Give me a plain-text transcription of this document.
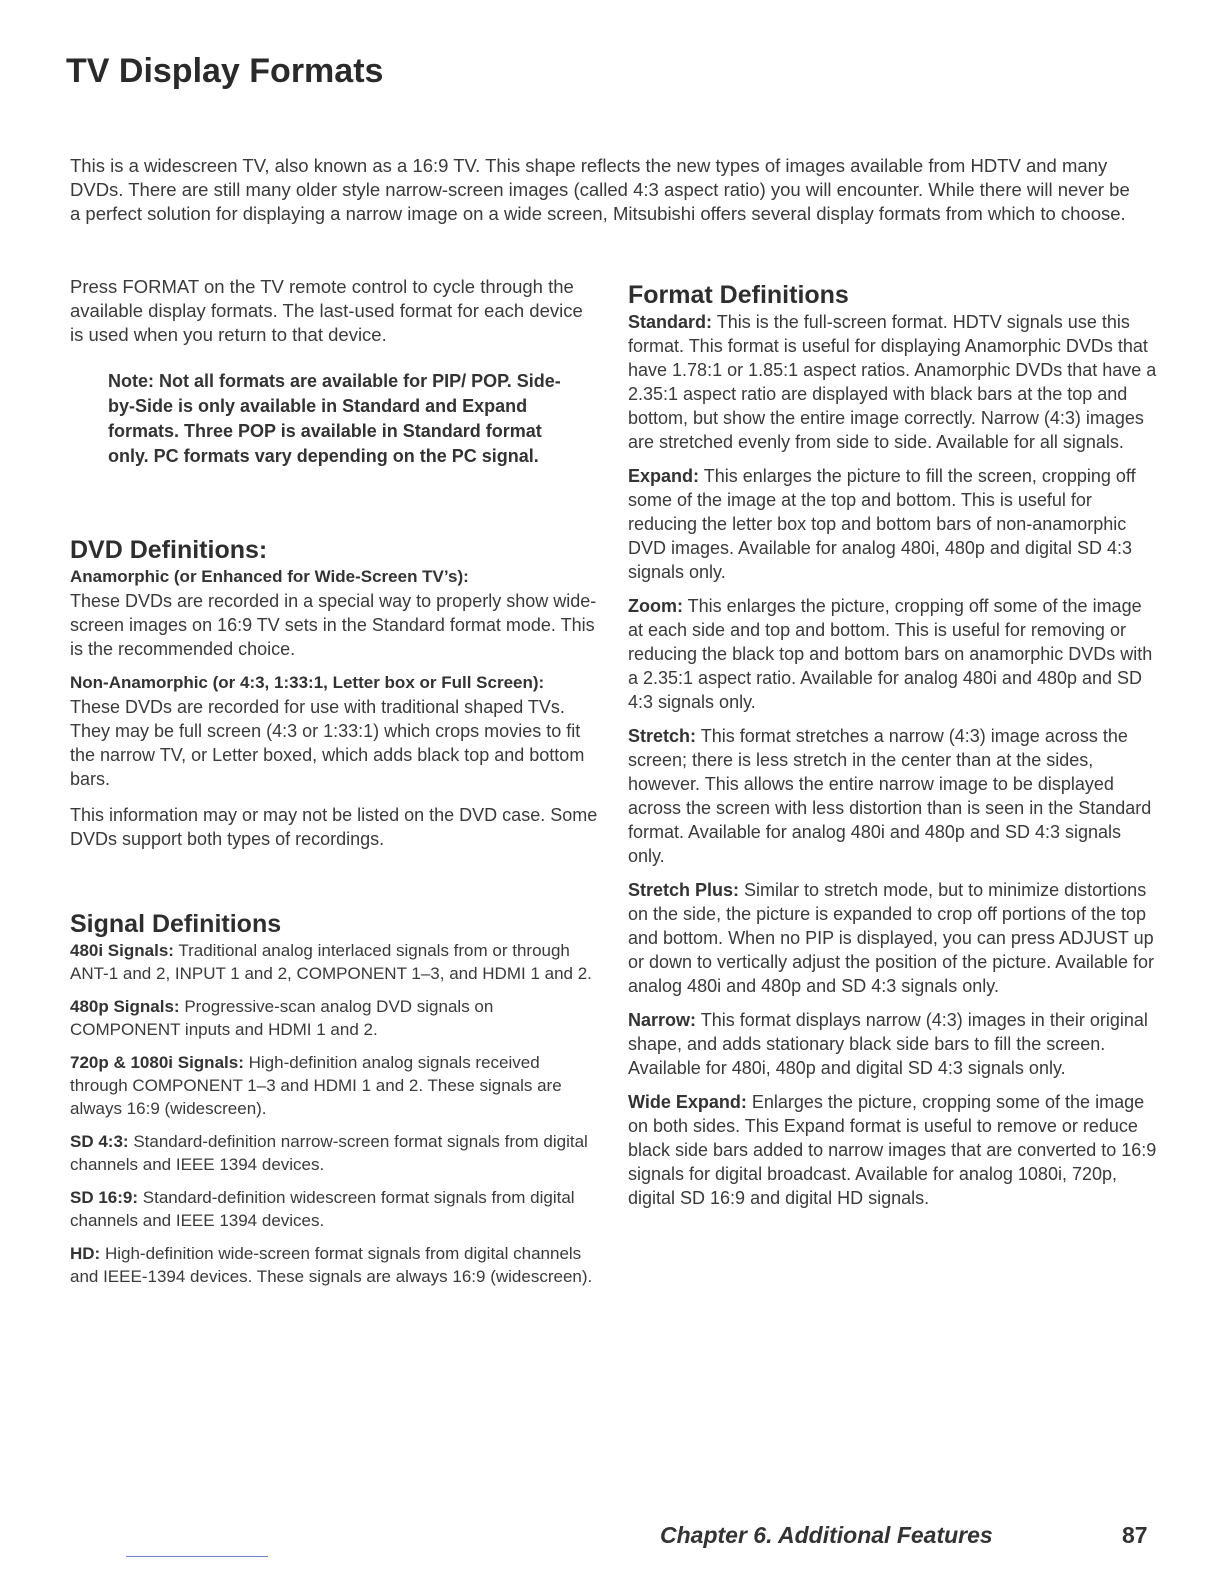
TV Display Formats

This is a widescreen TV, also known as a 16:9 TV. This shape reflects the new types of images available from HDTV and many DVDs. There are still many older style narrow-screen images (called 4:3 aspect ratio) you will encounter. While there will never be a perfect solution for displaying a narrow image on a wide screen, Mitsubishi offers several display formats from which to choose.

Press FORMAT on the TV remote control to cycle through the available display formats. The last-used format for each device is used when you return to that device.

Note: Not all formats are available for PIP/ POP. Side-by-Side is only available in Standard and Expand formats. Three POP is available in Standard format only. PC formats vary depending on the PC signal.

DVD Definitions:

Anamorphic (or Enhanced for Wide-Screen TV’s):

These DVDs are recorded in a special way to properly show wide-screen images on 16:9 TV sets in the Standard format mode. This is the recommended choice.

Non-Anamorphic (or 4:3, 1:33:1, Letter box or Full Screen):

These DVDs are recorded for use with traditional shaped TVs. They may be full screen (4:3 or 1:33:1) which crops movies to fit the narrow TV, or Letter boxed, which adds black top and bottom bars.

This information may or may not be listed on the DVD case. Some DVDs support both types of recordings.

Signal Definitions

480i Signals: Traditional analog interlaced signals from or through ANT-1 and 2, INPUT 1 and 2, COMPONENT 1–3, and HDMI 1 and 2.

480p Signals: Progressive-scan analog DVD signals on COMPONENT inputs and HDMI 1 and 2.

720p & 1080i Signals: High-definition analog signals received through COMPONENT 1–3 and HDMI 1 and 2. These signals are always 16:9 (widescreen).

SD 4:3: Standard-definition narrow-screen format signals from digital channels and IEEE 1394 devices.

SD 16:9: Standard-definition widescreen format signals from digital channels and IEEE 1394 devices.

HD: High-definition wide-screen format signals from digital channels and IEEE-1394 devices. These signals are always 16:9 (widescreen).

Format Definitions

Standard: This is the full-screen format. HDTV signals use this format. This format is useful for displaying Anamorphic DVDs that have 1.78:1 or 1.85:1 aspect ratios. Anamorphic DVDs that have a 2.35:1 aspect ratio are displayed with black bars at the top and bottom, but show the entire image correctly. Narrow (4:3) images are stretched evenly from side to side. Available for all signals.

Expand: This enlarges the picture to fill the screen, cropping off some of the image at the top and bottom. This is useful for reducing the letter box top and bottom bars of non-anamorphic DVD images. Available for analog 480i, 480p and digital SD 4:3 signals only.

Zoom: This enlarges the picture, cropping off some of the image at each side and top and bottom. This is useful for removing or reducing the black top and bottom bars on anamorphic DVDs with a 2.35:1 aspect ratio. Available for analog 480i and 480p and SD 4:3 signals only.

Stretch: This format stretches a narrow (4:3) image across the screen; there is less stretch in the center than at the sides, however. This allows the entire narrow image to be displayed across the screen with less distortion than is seen in the Standard format. Available for analog 480i and 480p and SD 4:3 signals only.

Stretch Plus: Similar to stretch mode, but to minimize distortions on the side, the picture is expanded to crop off portions of the top and bottom. When no PIP is displayed, you can press ADJUST up or down to vertically adjust the position of the picture. Available for analog 480i and 480p and SD 4:3 signals only.

Narrow: This format displays narrow (4:3) images in their original shape, and adds stationary black side bars to fill the screen. Available for 480i, 480p and digital SD 4:3 signals only.

Wide Expand: Enlarges the picture, cropping some of the image on both sides. This Expand format is useful to remove or reduce black side bars added to narrow images that are converted to 16:9 signals for digital broadcast. Available for analog 1080i, 720p, digital SD 16:9 and digital HD signals.

Chapter 6. Additional Features	87
